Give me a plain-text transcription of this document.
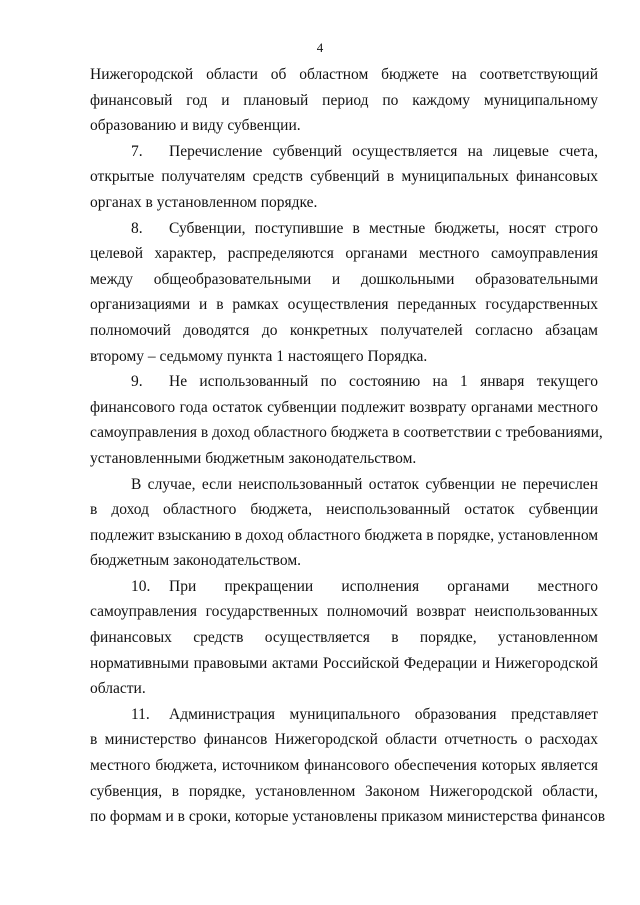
4

Нижегородской области об областном бюджете на соответствующий
финансовый год и плановый период по каждому муниципальному
образованию и виду субвенции.

7. Перечисление субвенций осуществляется на лицевые счета,
открытые получателям средств субвенций в муниципальных финансовых
органах в установленном порядке.

8. Субвенции, поступившие в местные бюджеты, носят строго
целевой характер, распределяются органами местного самоуправления
между общеобразовательными и дошкольными образовательными
организациями и в рамках осуществления переданных государственных
полномочий доводятся до конкретных получателей согласно абзацам
второму – седьмому пункта 1 настоящего Порядка.

9. Не использованный по состоянию на 1 января текущего
финансового года остаток субвенции подлежит возврату органами местного
самоуправления в доход областного бюджета в соответствии с требованиями,
установленными бюджетным законодательством.

В случае, если неиспользованный остаток субвенции не перечислен
в доход областного бюджета, неиспользованный остаток субвенции
подлежит взысканию в доход областного бюджета в порядке, установленном
бюджетным законодательством.

10. При прекращении исполнения органами местного
самоуправления государственных полномочий возврат неиспользованных
финансовых средств осуществляется в порядке, установленном
нормативными правовыми актами Российской Федерации и Нижегородской
области.

11. Администрация муниципального образования представляет
в министерство финансов Нижегородской области отчетность о расходах
местного бюджета, источником финансового обеспечения которых является
субвенция, в порядке, установленном Законом Нижегородской области,
по формам и в сроки, которые установлены приказом министерства финансов
